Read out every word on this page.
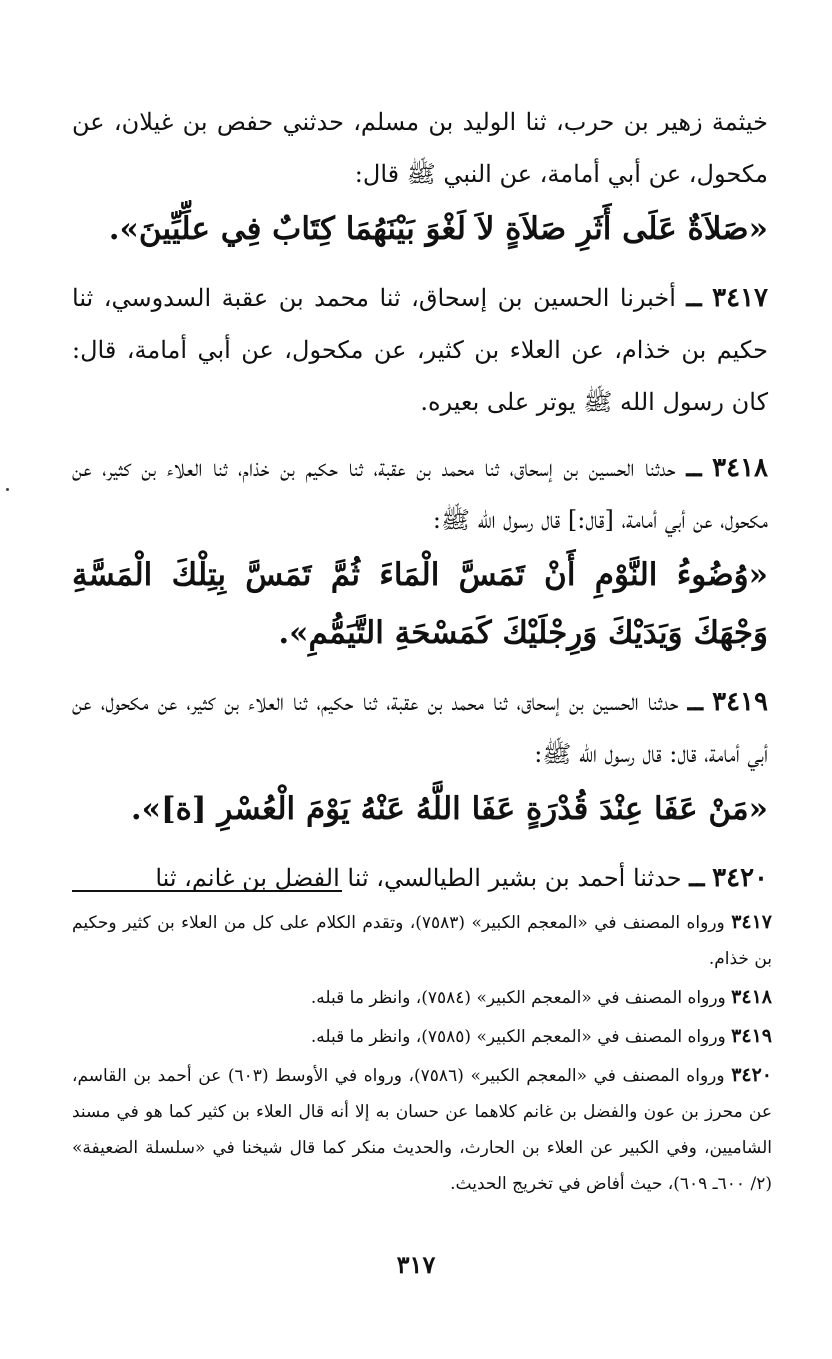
خيثمة زهير بن حرب، ثنا الوليد بن مسلم، حدثني حفص بن غيلان، عن مكحول، عن أبي أمامة، عن النبي ﷺ قال:
«صَلاَةٌ عَلَى أَثَرِ صَلاَةٍ لاَ لَغْوَ بَيْنَهُمَا كِتَابٌ فِي علِّيِّينَ».

٣٤١٧ ــ أخبرنا الحسين بن إسحاق، ثنا محمد بن عقبة السدوسي، ثنا حكيم بن خذام، عن العلاء بن كثير، عن مكحول، عن أبي أمامة، قال: كان رسول الله ﷺ يوتر على بعيره.

٣٤١٨ ــ حدثنا الحسين بن إسحاق، ثنا محمد بن عقبة، ثنا حكيم بن خذام، ثنا العلاء بن كثير، عن مكحول، عن أبي أمامة، [قال:] قال رسول الله ﷺ:
«وُضُوءُ النَّوْمِ أَنْ تَمَسَّ الْمَاءَ ثُمَّ تَمَسَّ بِتِلْكَ الْمَسَّةِ وَجْهَكَ وَيَدَيْكَ وَرِجْلَيْكَ كَمَسْحَةِ التَّيَمُّمِ».

٣٤١٩ ــ حدثنا الحسين بن إسحاق، ثنا محمد بن عقبة، ثنا حكيم، ثنا العلاء بن كثير، عن مكحول، عن أبي أمامة، قال: قال رسول الله ﷺ:
«مَنْ عَفَا عِنْدَ قُدْرَةٍ عَفَا اللَّهُ عَنْهُ يَوْمَ الْعُسْرِ [ة]».

٣٤٢٠ ــ حدثنا أحمد بن بشير الطيالسي، ثنا الفضل بن غانم، ثنا

٣٤١٧ ورواه المصنف في «المعجم الكبير» (٧٥٨٣)، وتقدم الكلام على كل من العلاء بن كثير وحكيم بن خذام.

٣٤١٨ ورواه المصنف في «المعجم الكبير» (٧٥٨٤)، وانظر ما قبله.

٣٤١٩ ورواه المصنف في «المعجم الكبير» (٧٥٨٥)، وانظر ما قبله.

٣٤٢٠ ورواه المصنف في «المعجم الكبير» (٧٥٨٦)، ورواه في الأوسط (٦٠٣) عن أحمد بن القاسم، عن محرز بن عون والفضل بن غانم كلاهما عن حسان به إلا أنه قال العلاء بن كثير كما هو في مسند الشاميين، وفي الكبير عن العلاء بن الحارث، والحديث منكر كما قال شيخنا في «سلسلة الضعيفة» (٢/ ٦٠٠ـ ٦٠٩)، حيث أفاض في تخريج الحديث.

٣١٧
